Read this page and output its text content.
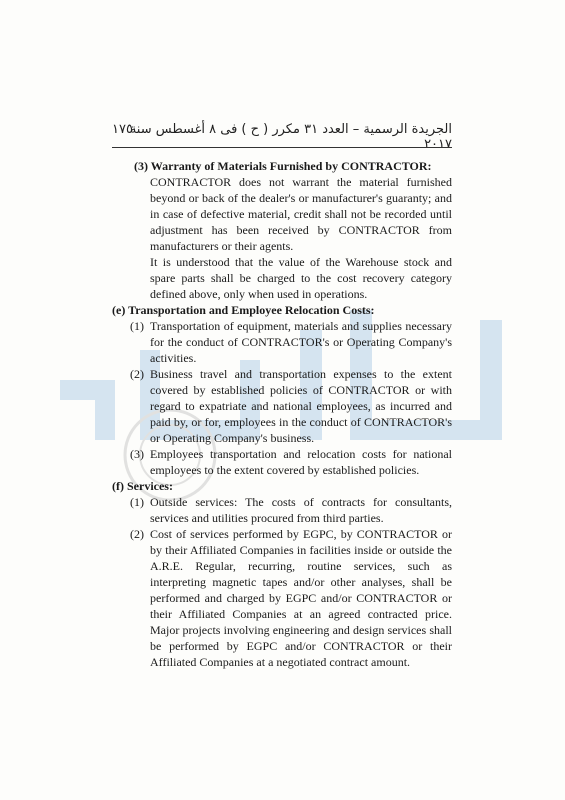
الجريدة الرسمية – العدد ٣١ مكرر ( ح ) فى ٨ أغسطس سنة ٢٠١٧
١٧٥

(3) Warranty of Materials Furnished by CONTRACTOR:

CONTRACTOR does not warrant the material furnished beyond or back of the dealer's or manufacturer's guaranty; and in case of defective material, credit shall not be recorded until adjustment has been received by CONTRACTOR from manufacturers or their agents.

It is understood that the value of the Warehouse stock and spare parts shall be charged to the cost recovery category defined above, only when used in operations.

(e) Transportation and Employee Relocation Costs:

(1) Transportation of equipment, materials and supplies necessary for the conduct of CONTRACTOR's or Operating Company's activities.
(2) Business travel and transportation expenses to the extent covered by established policies of CONTRACTOR or with regard to expatriate and national employees, as incurred and paid by, or for, employees in the conduct of CONTRACTOR's or Operating Company's business.
(3) Employees transportation and relocation costs for national employees to the extent covered by established policies.

(f) Services:

(1) Outside services: The costs of contracts for consultants, services and utilities procured from third parties.
(2) Cost of services performed by EGPC, by CONTRACTOR or by their Affiliated Companies in facilities inside or outside the A.R.E. Regular, recurring, routine services, such as interpreting magnetic tapes and/or other analyses, shall be performed and charged by EGPC and/or CONTRACTOR or their Affiliated Companies at an agreed contracted price. Major projects involving engineering and design services shall be performed by EGPC and/or CONTRACTOR or their Affiliated Companies at a negotiated contract amount.
